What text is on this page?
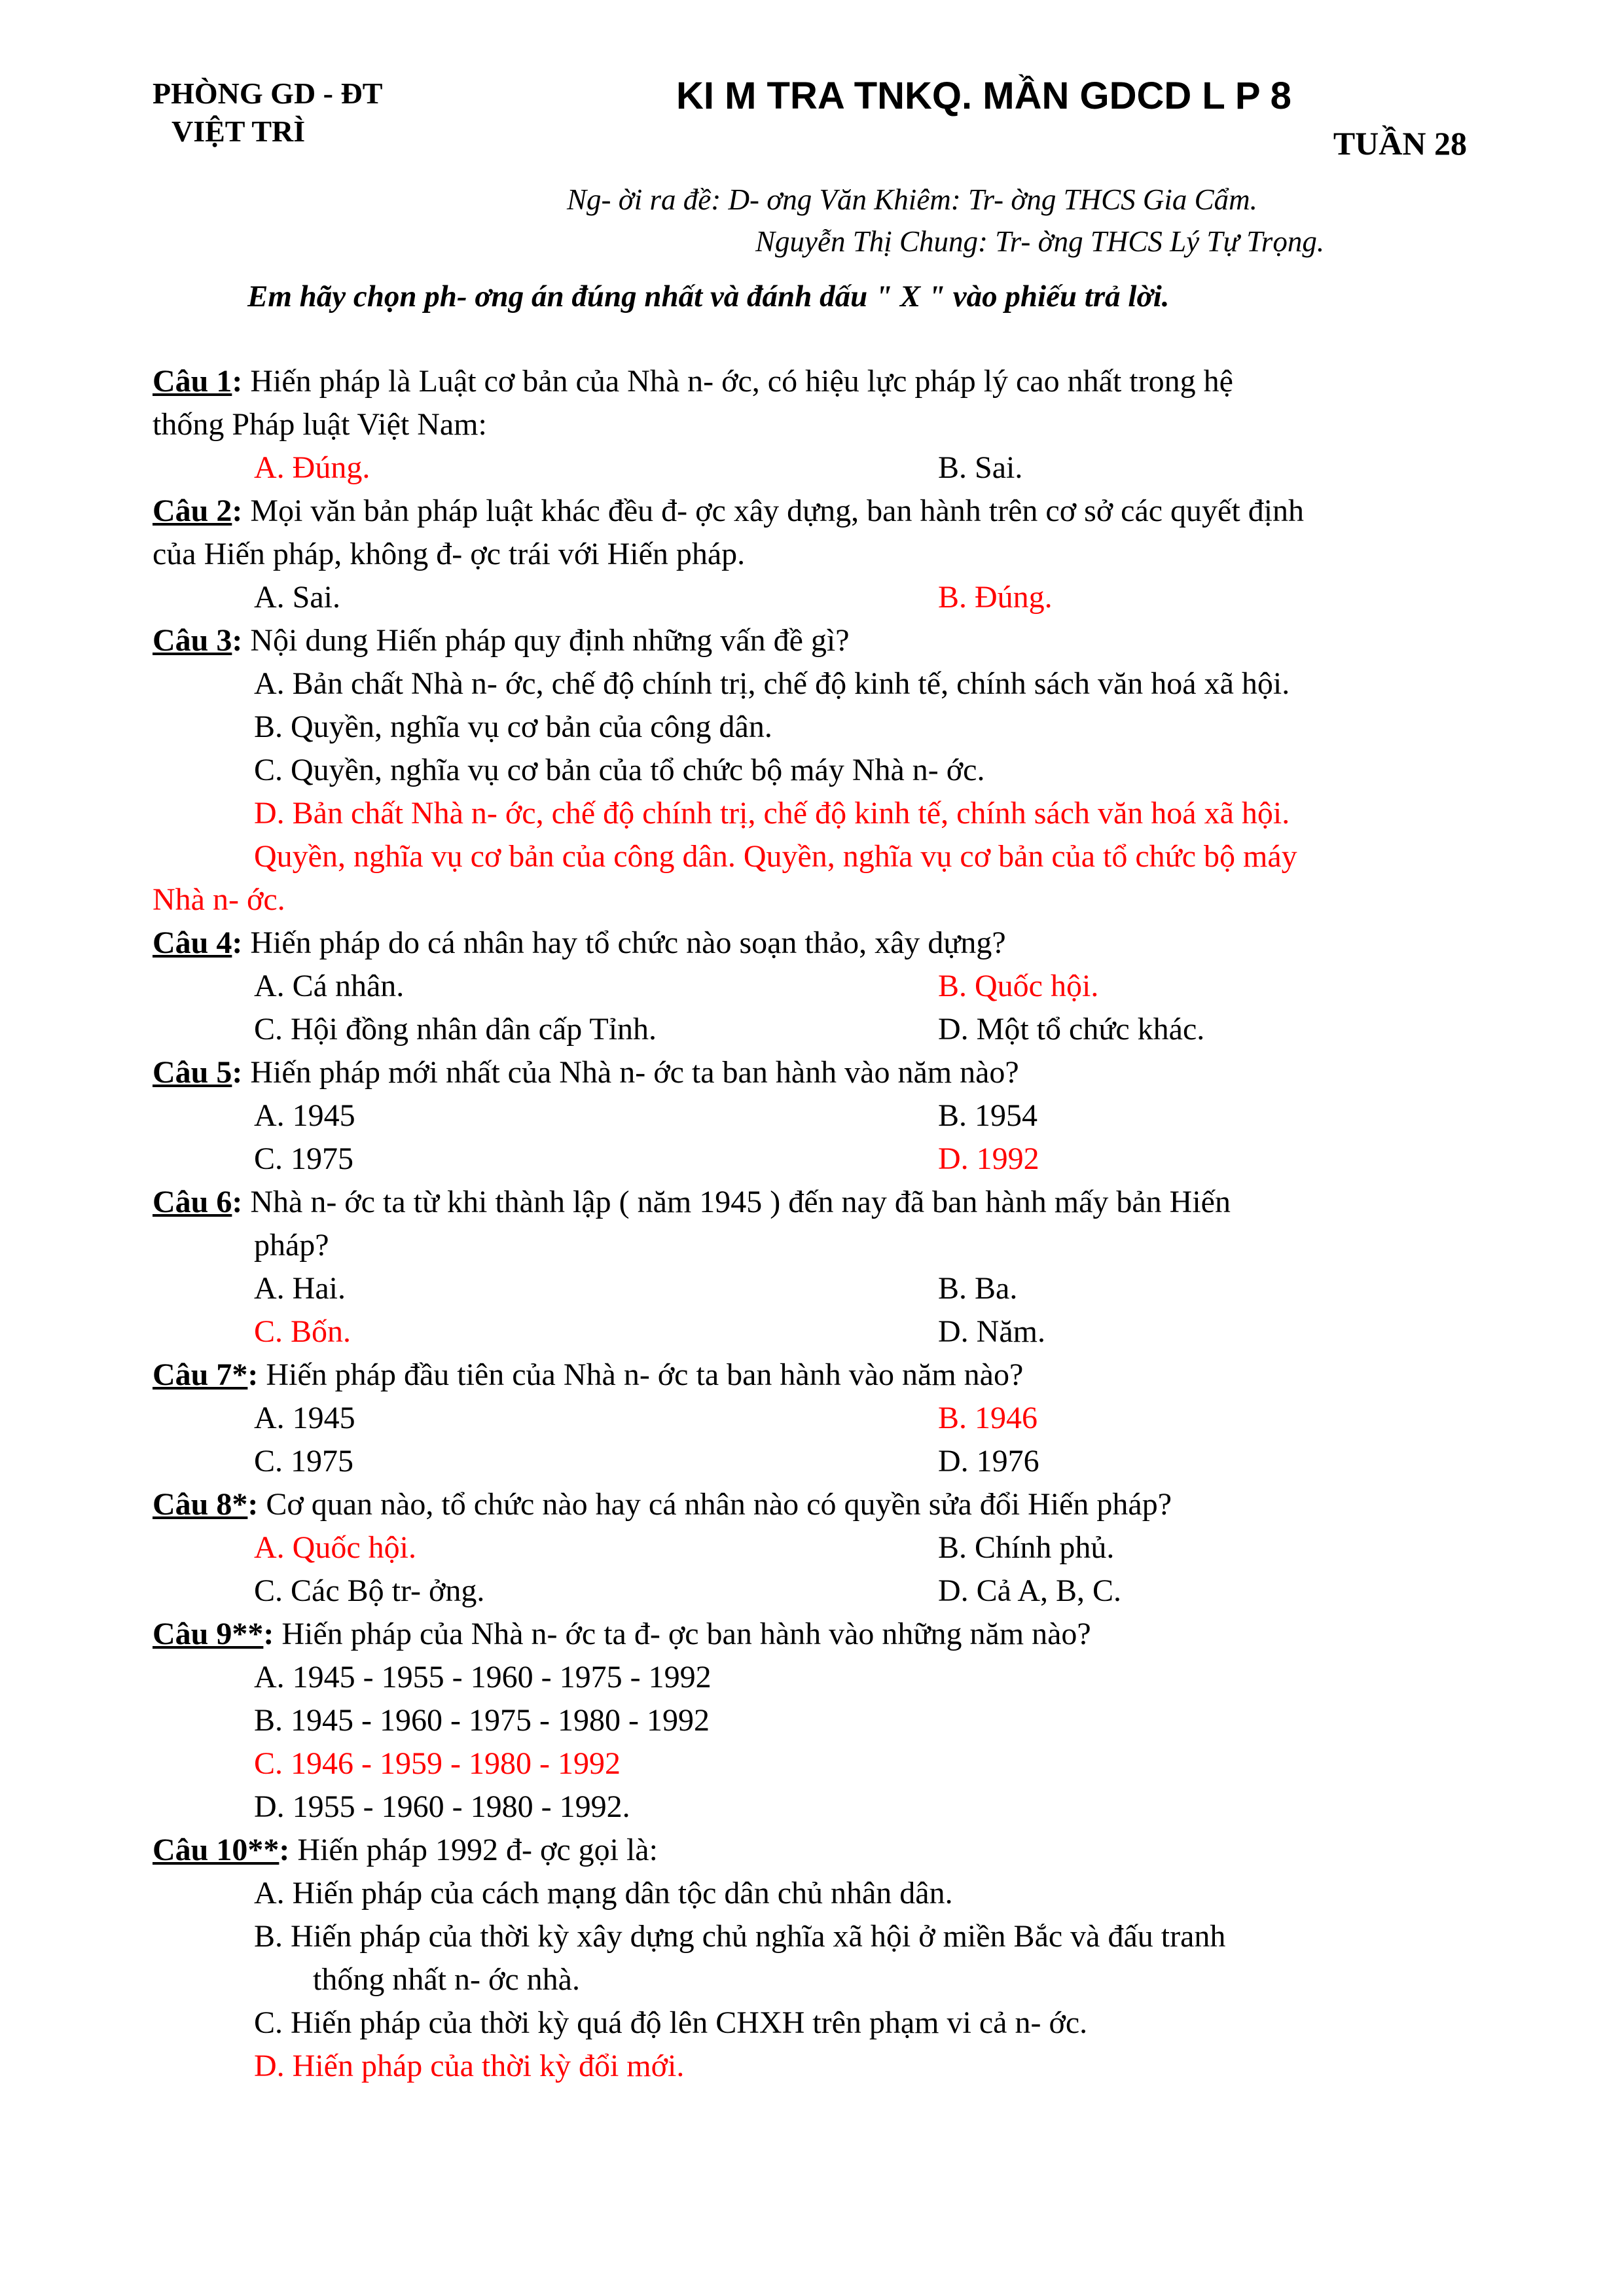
PHÒNG GD - ĐT
VIỆT TRÌ
KI M TRA TNKQ. MẦN GDCD L P 8
TUẦN 28
Ng- ời ra đề: D- ơng Văn Khiêm: Tr- ờng THCS Gia Cẩm.
Nguyễn Thị Chung: Tr- ờng THCS Lý Tự Trọng.
Em hãy chọn ph- ơng án đúng nhất và đánh dấu " X " vào phiếu trả lời.
Câu 1: Hiến pháp là Luật cơ bản của Nhà n- ớc, có hiệu lực pháp lý cao nhất trong hệ
thống Pháp luật Việt Nam:
A. Đúng.	B. Sai.
Câu 2: Mọi văn bản pháp luật khác đều đ- ợc xây dựng, ban hành trên cơ sở các quyết định
của Hiến pháp, không đ- ợc trái với Hiến pháp.
A. Sai.	B. Đúng.
Câu 3: Nội dung Hiến pháp quy định những vấn đề gì?
A. Bản chất Nhà n- ớc, chế độ chính trị, chế độ kinh tế, chính sách văn hoá xã hội.
B. Quyền, nghĩa vụ cơ bản của công dân.
C. Quyền, nghĩa vụ cơ bản của tổ chức bộ máy Nhà n- ớc.
D. Bản chất Nhà n- ớc, chế độ chính trị, chế độ kinh tế, chính sách văn hoá xã hội.
Quyền, nghĩa vụ cơ bản của công dân. Quyền, nghĩa vụ cơ bản của tổ chức bộ máy
Nhà n- ớc.
Câu 4: Hiến pháp do cá nhân hay tổ chức nào soạn thảo, xây dựng?
A. Cá nhân.	B. Quốc hội.
C. Hội đồng nhân dân cấp Tỉnh.	D. Một tổ chức khác.
Câu 5: Hiến pháp mới nhất của Nhà n- ớc ta ban hành vào năm nào?
A. 1945	B. 1954
C. 1975	D. 1992
Câu 6: Nhà n- ớc ta từ khi thành lập ( năm 1945 ) đến nay đã ban hành mấy bản Hiến
pháp?
A. Hai.	B. Ba.
C. Bốn.	D. Năm.
Câu 7*: Hiến pháp đầu tiên của Nhà n- ớc ta ban hành vào năm nào?
A. 1945	B. 1946
C. 1975	D. 1976
Câu 8*: Cơ quan nào, tổ chức nào hay cá nhân nào có quyền sửa đổi Hiến pháp?
A. Quốc hội.	B. Chính phủ.
C. Các Bộ tr- ởng.	D. Cả A, B, C.
Câu 9**: Hiến pháp của Nhà n- ớc ta đ- ợc ban hành vào những năm nào?
A. 1945 - 1955 - 1960 - 1975 - 1992
B. 1945 - 1960 - 1975 - 1980 - 1992
C. 1946 - 1959 - 1980 - 1992
D. 1955 - 1960 - 1980 - 1992.
Câu 10**: Hiến pháp 1992 đ- ợc gọi là:
A. Hiến pháp của cách mạng dân tộc dân chủ nhân dân.
B. Hiến pháp của thời kỳ xây dựng chủ nghĩa xã hội ở miền Bắc và đấu tranh
thống nhất n- ớc nhà.
C. Hiến pháp của thời kỳ quá độ lên CHXH trên phạm vi cả n- ớc.
D. Hiến pháp của thời kỳ đổi mới.
